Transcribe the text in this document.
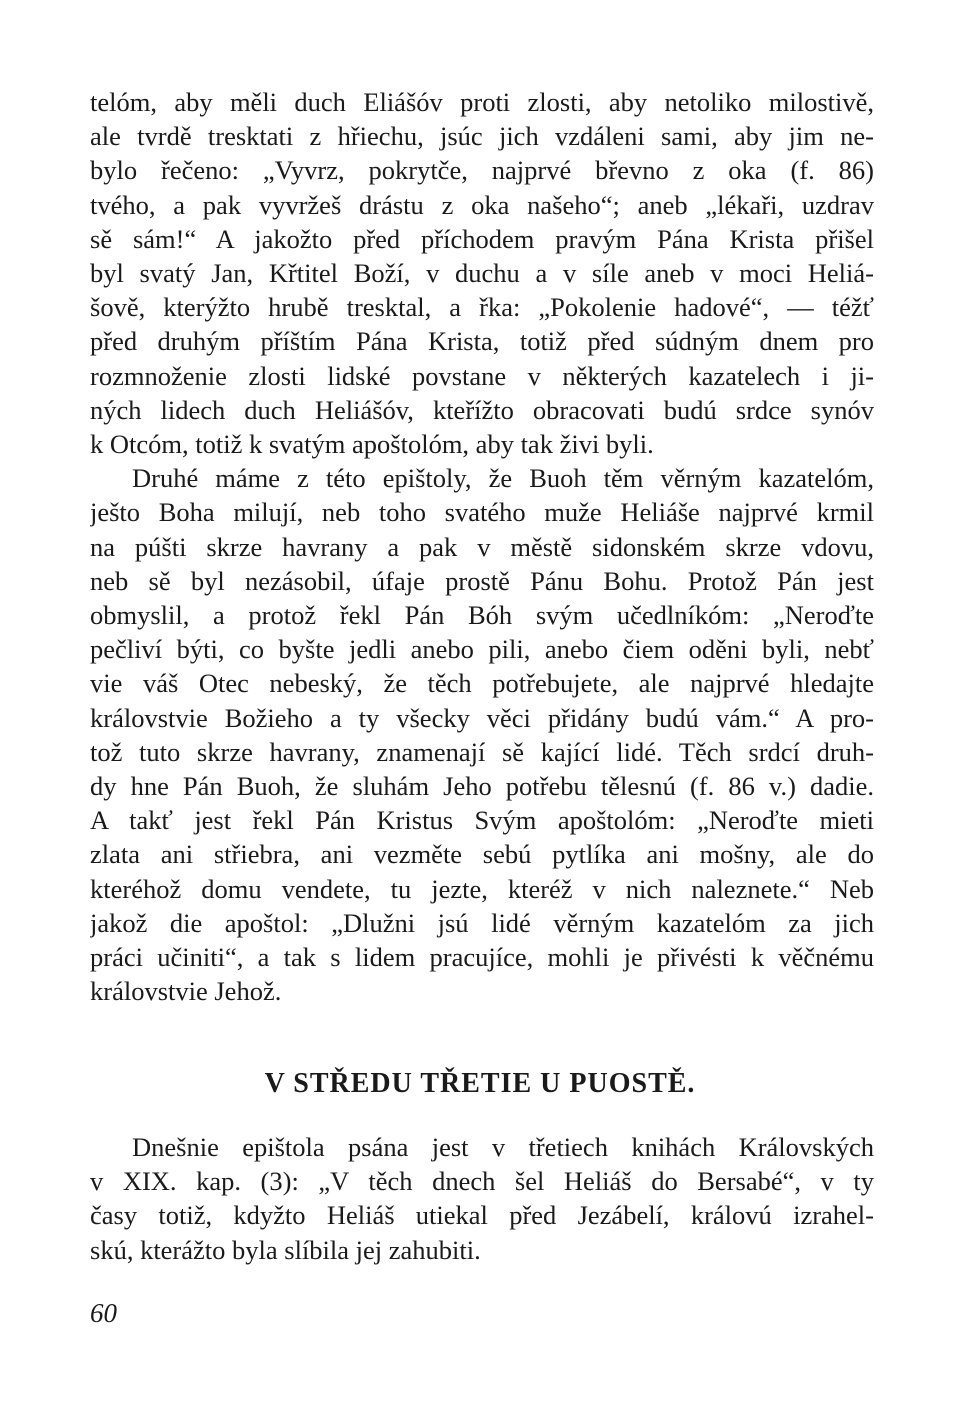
telóm, aby měli duch Eliášóv proti zlosti, aby netoliko milostivě,
ale tvrdě tresktati z hřiechu, jsúc jich vzdáleni sami, aby jim ne-
bylo řečeno: „Vyvrz, pokrytče, najprvé břevno z oka (f. 86)
tvého, a pak vyvržeš drástu z oka našeho“; aneb „lékaři, uzdrav
sě sám!“ A jakožto před příchodem pravým Pána Krista přišel
byl svatý Jan, Křtitel Boží, v duchu a v síle aneb v moci Heliá-
šově, kterýžto hrubě tresktal, a řka: „Pokolenie hadové“, — téžť
před druhým příštím Pána Krista, totiž před súdným dnem pro
rozmnoženie zlosti lidské povstane v některých kazatelech i ji-
ných lidech duch Heliášóv, kteřížto obracovati budú srdce synóv
k Otcóm, totiž k svatým apoštolóm, aby tak živi byli.

Druhé máme z této epištoly, že Buoh těm věrným kazatelóm,
ješto Boha milují, neb toho svatého muže Heliáše najprvé krmil
na púšti skrze havrany a pak v městě sidonském skrze vdovu,
neb sě byl nezásobil, úfaje prostě Pánu Bohu. Protož Pán jest
obmyslil, a protož řekl Pán Bóh svým učedlníkóm: „Neroďte
pečliví býti, co byšte jedli anebo pili, anebo čiem oděni byli, nebť
vie váš Otec nebeský, že těch potřebujete, ale najprvé hledajte
královstvie Božieho a ty všecky věci přidány budú vám.“ A pro-
tož tuto skrze havrany, znamenají sě kající lidé. Těch srdcí druh-
dy hne Pán Buoh, že sluhám Jeho potřebu tělesnú (f. 86 v.) dadie.
A takť jest řekl Pán Kristus Svým apoštolóm: „Neroďte mieti
zlata ani střiebra, ani vezměte sebú pytlíka ani mošny, ale do
kteréhož domu vendete, tu jezte, kteréž v nich naleznete.“ Neb
jakož die apoštol: „Dlužni jsú lidé věrným kazatelóm za jich
práci učiniti“, a tak s lidem pracujíce, mohli je přivésti k věčnému
královstvie Jehož.

V STŘEDU TŘETIE U PUOSTĚ.

Dnešnie epištola psána jest v třetiech knihách Královských
v XIX. kap. (3): „V těch dnech šel Heliáš do Bersabé“, v ty
časy totiž, kdyžto Heliáš utiekal před Jezábelí, královú izrahel-
skú, kterážto byla slíbila jej zahubiti.

60
